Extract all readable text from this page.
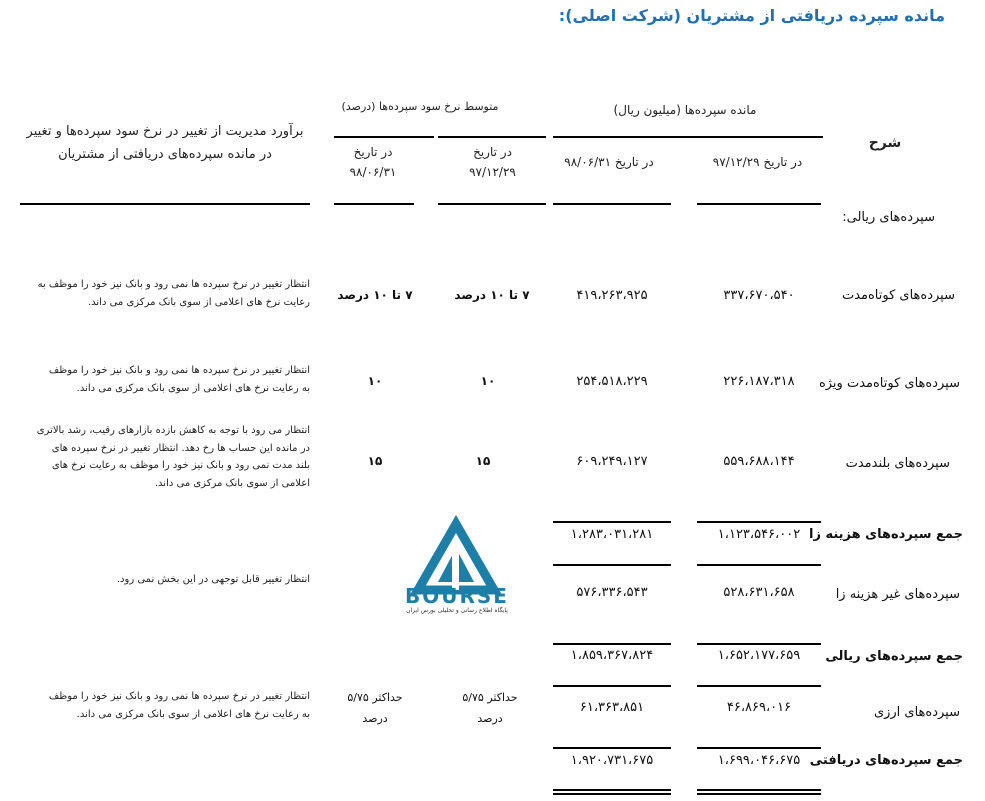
مانده سپرده دریافتی از مشتریان (شرکت اصلی):
شرح
مانده سپرده‌ها (میلیون ریال)
متوسط نرخ سود سپرده‌ها (درصد)
برآورد مدیریت از تغییر در نرخ سود سپرده‌ها و تغییر
در مانده سپرده‌های دریافتی از مشتریان	در تاریخ ۹۷/۱۲/۲۹
در تاریخ ۹۸/۰۶/۳۱
در تاریخ
۹۷/۱۲/۲۹
در تاریخ
۹۸/۰۶/۳۱
سپرده‌های ریالی:
سپرده‌های کوتاه‌مدت
۳۳۷،۶۷۰،۵۴۰
۴۱۹،۲۶۳،۹۲۵
۷ تا ۱۰ درصد
۷ تا ۱۰ درصد
انتظار تغییر در نرخ سپرده ها نمی رود و بانک نیز خود را موظف به
رعایت نرخ های اعلامی از سوی بانک مرکزی می داند.
سپرده‌های کوتاه‌مدت ویژه
۲۲۶،۱۸۷،۳۱۸
۲۵۴،۵۱۸،۲۲۹
۱۰
۱۰
انتظار تغییر در نرخ سپرده ها نمی رود و بانک نیز خود را موظف
به رعایت نرخ های اعلامی از سوی بانک مرکزی می داند.
سپرده‌های بلندمدت
۵۵۹،۶۸۸،۱۴۴
۶۰۹،۲۴۹،۱۲۷
۱۵
۱۵
انتظار می رود با توجه به کاهش بازده بازارهای رقیب، رشد بالاتری
در مانده این حساب ها رخ دهد. انتظار تغییر در نرخ سپرده های
بلند مدت نمی رود و بانک نیز خود را موظف به رعایت نرخ های
اعلامی از سوی بانک مرکزی می داند.
جمع سپرده‌های هزینه زا
۱،۱۲۳،۵۴۶،۰۰۲
۱،۲۸۳،۰۳۱،۲۸۱
BOURSE
پایگاه اطلاع رسانی و تحلیلی بورس ایران
سپرده‌های غیر هزینه زا
۵۲۸،۶۳۱،۶۵۸
۵۷۶،۳۳۶،۵۴۳
انتظار تغییر قابل توجهی در این بخش نمی رود.
جمع سپرده‌های ریالی
۱،۶۵۲،۱۷۷،۶۵۹
۱،۸۵۹،۳۶۷،۸۲۴
سپرده‌های ارزی
۴۶،۸۶۹،۰۱۶
۶۱،۳۶۳،۸۵۱
حداکثر ۵/۷۵
درصد
حداکثر ۵/۷۵
درصد
انتظار تغییر در نرخ سپرده ها نمی رود و بانک نیز خود را موظف
به رعایت نرخ های اعلامی از سوی بانک مرکزی می داند.
جمع سپرده‌های دریافتی
۱،۶۹۹،۰۴۶،۶۷۵
۱،۹۲۰،۷۳۱،۶۷۵
